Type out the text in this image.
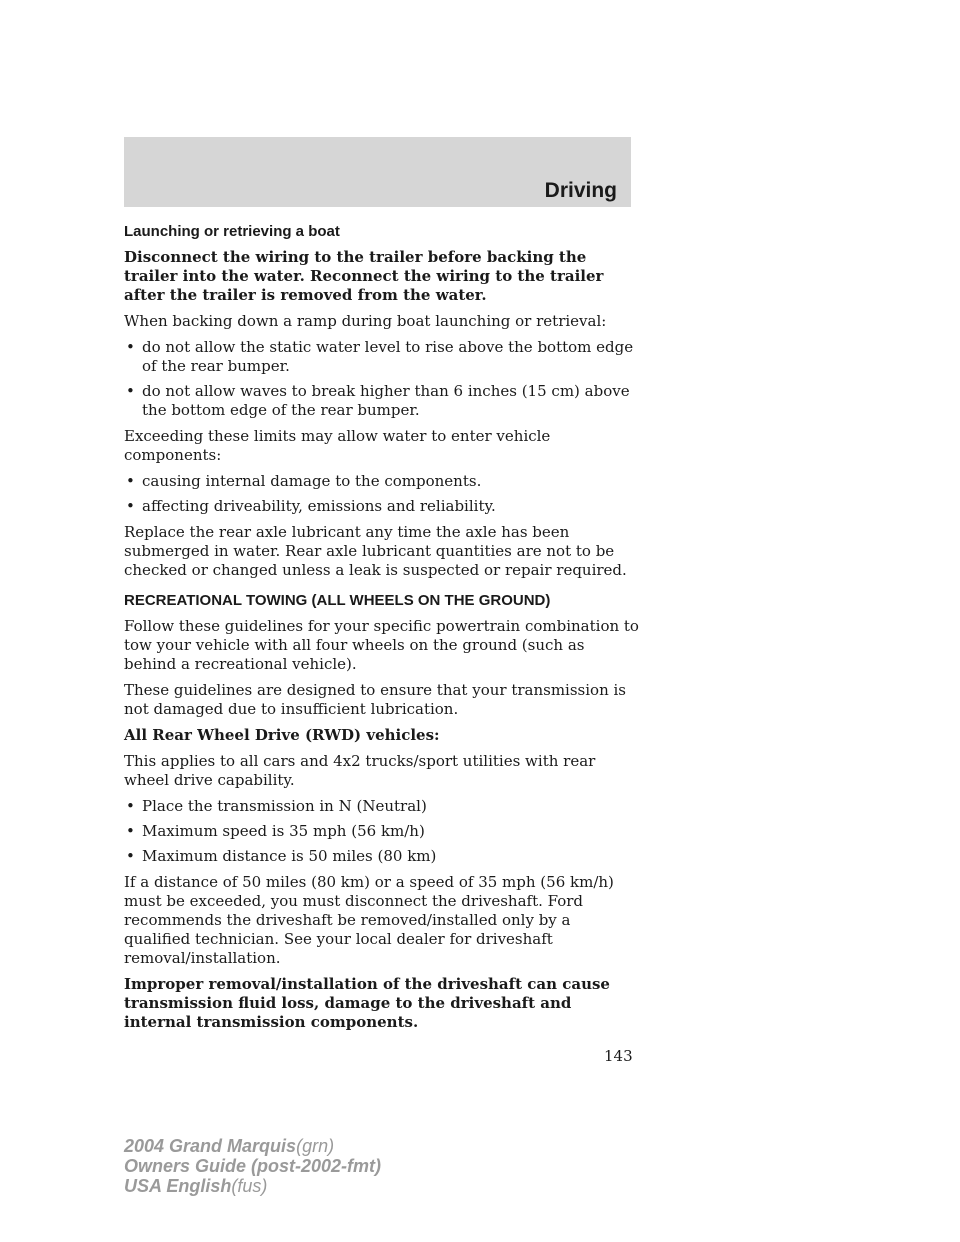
Driving
Launching or retrieving a boat

Disconnect the wiring to the trailer before backing the trailer into the water. Reconnect the wiring to the trailer after the trailer is removed from the water.

When backing down a ramp during boat launching or retrieval:

• do not allow the static water level to rise above the bottom edge of the rear bumper.
• do not allow waves to break higher than 6 inches (15 cm) above the bottom edge of the rear bumper.

Exceeding these limits may allow water to enter vehicle components:

• causing internal damage to the components.
• affecting driveability, emissions and reliability.

Replace the rear axle lubricant any time the axle has been submerged in water. Rear axle lubricant quantities are not to be checked or changed unless a leak is suspected or repair required.

RECREATIONAL TOWING (ALL WHEELS ON THE GROUND)

Follow these guidelines for your specific powertrain combination to tow your vehicle with all four wheels on the ground (such as behind a recreational vehicle).

These guidelines are designed to ensure that your transmission is not damaged due to insufficient lubrication.

All Rear Wheel Drive (RWD) vehicles:

This applies to all cars and 4x2 trucks/sport utilities with rear wheel drive capability.

• Place the transmission in N (Neutral)
• Maximum speed is 35 mph (56 km/h)
• Maximum distance is 50 miles (80 km)

If a distance of 50 miles (80 km) or a speed of 35 mph (56 km/h) must be exceeded, you must disconnect the driveshaft. Ford recommends the driveshaft be removed/installed only by a qualified technician. See your local dealer for driveshaft removal/installation.

Improper removal/installation of the driveshaft can cause transmission fluid loss, damage to the driveshaft and internal transmission components.

143
2004 Grand Marquis(grn)
Owners Guide (post-2002-fmt)
USA English(fus)
